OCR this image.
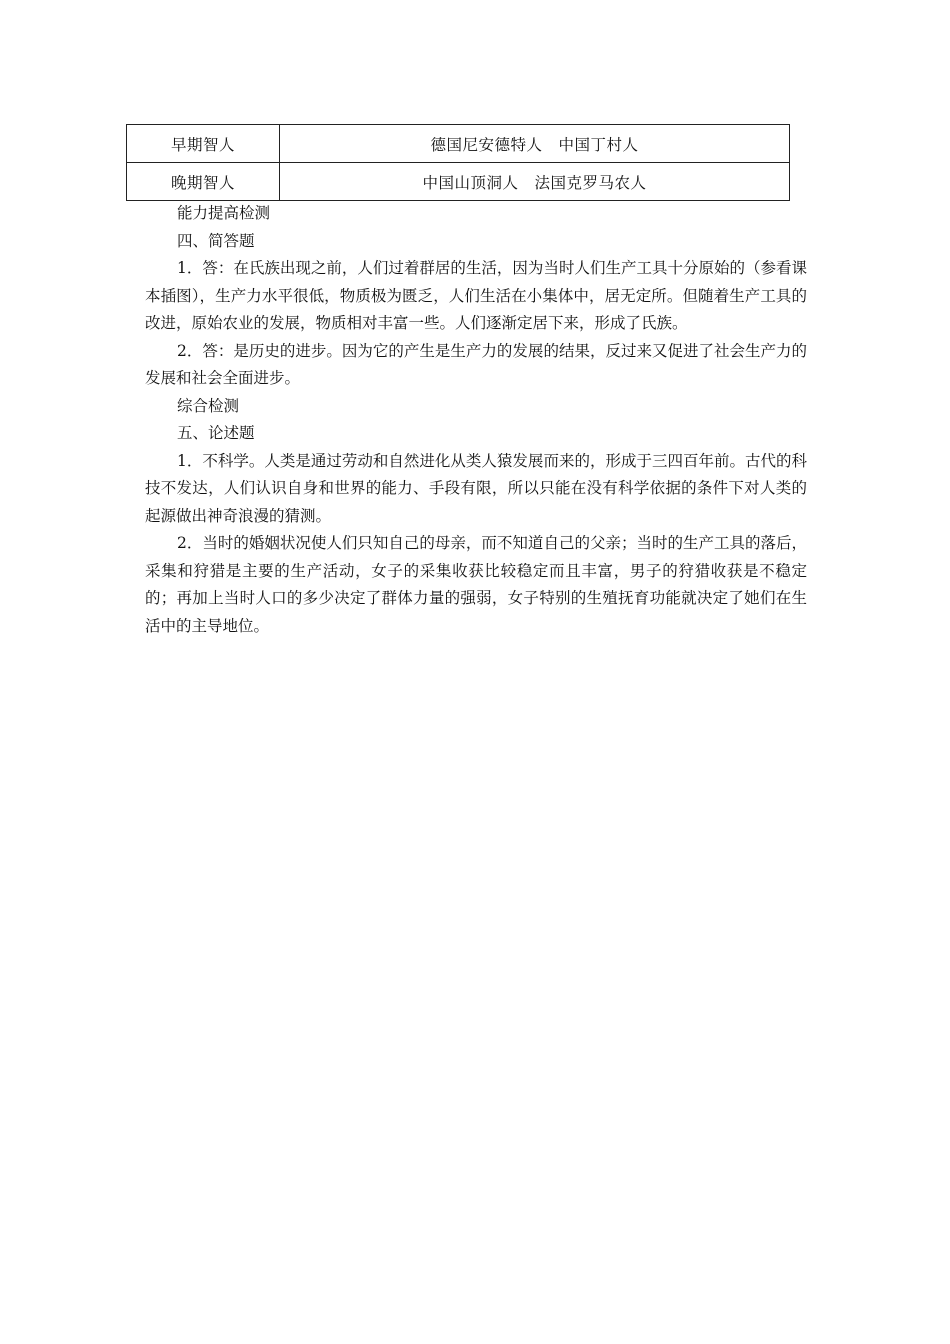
早期智人	德国尼安德特人　中国丁村人
晚期智人	中国山顶洞人　法国克罗马农人

能力提高检测

四、简答题

1．答：在氏族出现之前，人们过着群居的生活，因为当时人们生产工具十分原始的（参看课本插图），生产力水平很低，物质极为匮乏，人们生活在小集体中，居无定所。但随着生产工具的改进，原始农业的发展，物质相对丰富一些。人们逐渐定居下来，形成了氏族。

2．答：是历史的进步。因为它的产生是生产力的发展的结果，反过来又促进了社会生产力的发展和社会全面进步。

综合检测

五、论述题

1．不科学。人类是通过劳动和自然进化从类人猿发展而来的，形成于三四百年前。古代的科技不发达，人们认识自身和世界的能力、手段有限，所以只能在没有科学依据的条件下对人类的起源做出神奇浪漫的猜测。

2．当时的婚姻状况使人们只知自己的母亲，而不知道自己的父亲；当时的生产工具的落后，采集和狩猎是主要的生产活动，女子的采集收获比较稳定而且丰富，男子的狩猎收获是不稳定的；再加上当时人口的多少决定了群体力量的强弱，女子特别的生殖抚育功能就决定了她们在生活中的主导地位。
